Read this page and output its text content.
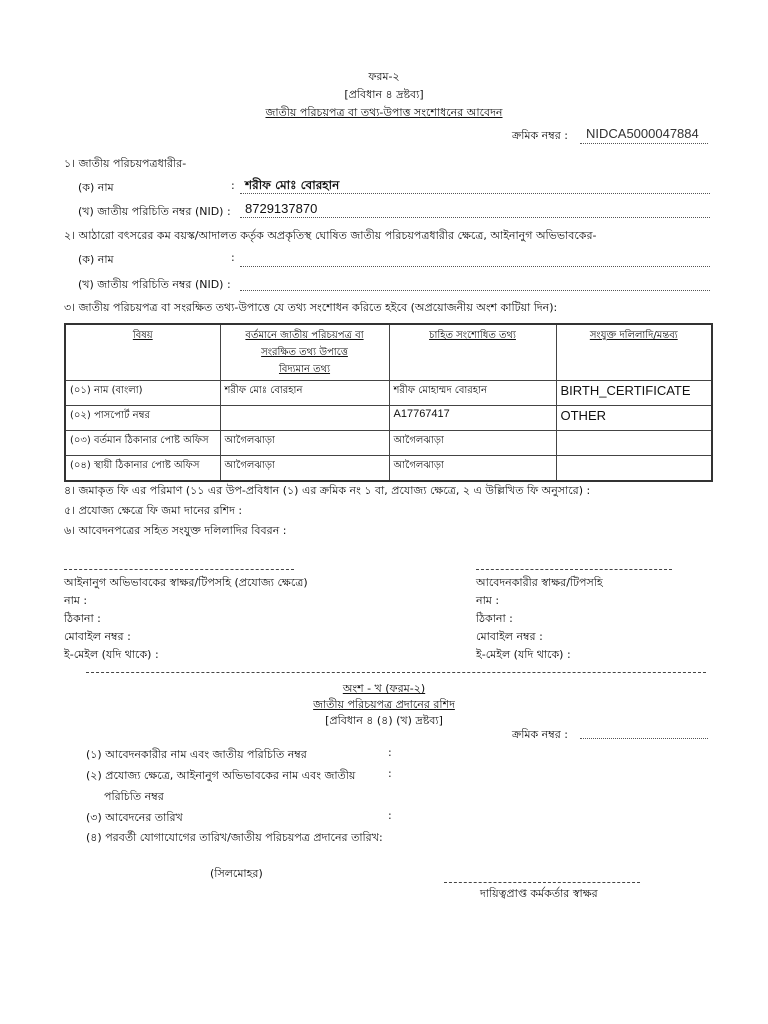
ফরম-২
[প্রবিধান ৪ দ্রষ্টব্য]
জাতীয় পরিচয়পত্র বা তথ্য-উপাত্ত সংশোধনের আবেদন
ক্রমিক নম্বর : NIDCA5000047884
১। জাতীয় পরিচয়পত্রধারীর-
(ক) নাম	: শরীফ মোঃ বোরহান
(খ) জাতীয় পরিচিতি নম্বর (NID) : 8729137870
২। আঠারো বৎসরের কম বয়স্ক/আদালত কর্তৃক অপ্রকৃতিস্থ ঘোষিত জাতীয় পরিচয়পত্রধারীর ক্ষেত্রে, আইনানুগ অভিভাবকের-
(ক) নাম	:
(খ) জাতীয় পরিচিতি নম্বর (NID) :
৩। জাতীয় পরিচয়পত্র বা সংরক্ষিত তথ্য-উপাত্তে যে তথ্য সংশোধন করিতে হইবে (অপ্রয়োজনীয় অংশ কাটিয়া দিন):
বিষয়	বর্তমানে জাতীয় পরিচয়পত্র বা
সংরক্ষিত তথ্য উপাত্তে
বিদ্যমান তথ্য	চাহিত সংশোধিত তথ্য	সংযুক্ত দলিলাদি/মন্তব্য
(০১) নাম (বাংলা)	শরীফ মোঃ বোরহান	শরীফ মোহাম্মদ বোরহান	BIRTH_CERTIFICATE
(০২) পাসপোর্ট নম্বর		A17767417	OTHER
(০৩) বর্তমান ঠিকানার পোষ্ট অফিস	আগৈলঝাড়া	আগৈলঝাড়া	
(০৪) স্থায়ী ঠিকানার পোষ্ট অফিস	আগৈলঝাড়া	আগৈলঝাড়া	
৪। জমাকৃত ফি এর পরিমাণ (১১ এর উপ-প্রবিধান (১) এর ক্রমিক নং ১ বা, প্রযোজ্য ক্ষেত্রে, ২ এ উল্লিখিত ফি অনুসারে) :
৫। প্রযোজ্য ক্ষেত্রে ফি জমা দানের রশিদ :
৬। আবেদনপত্রের সহিত সংযুক্ত দলিলাদির বিবরন :
আইনানুগ অভিভাবকের স্বাক্ষর/টিপসহি (প্রযোজ্য ক্ষেত্রে)
নাম :
ঠিকানা :
মোবাইল নম্বর :
ই-মেইল (যদি থাকে) :
আবেদনকারীর স্বাক্ষর/টিপসহি
নাম :
ঠিকানা :
মোবাইল নম্বর :
ই-মেইল (যদি থাকে) :
অংশ - খ (ফরম-২)
জাতীয় পরিচয়পত্র প্রদানের রশিদ
[প্রবিধান ৪ (৪) (খ) দ্রষ্টব্য]
ক্রমিক নম্বর :
(১) আবেদনকারীর নাম এবং জাতীয় পরিচিতি নম্বর	:
(২) প্রযোজ্য ক্ষেত্রে, আইনানুগ অভিভাবকের নাম এবং জাতীয়	:
পরিচিতি নম্বর
(৩) আবেদনের তারিখ	:
(৪) পরবর্তী যোগাযোগের তারিখ/জাতীয় পরিচয়পত্র প্রদানের তারিখ:
(সিলমোহর)
দায়িত্বপ্রাপ্ত কর্মকর্তার স্বাক্ষর
